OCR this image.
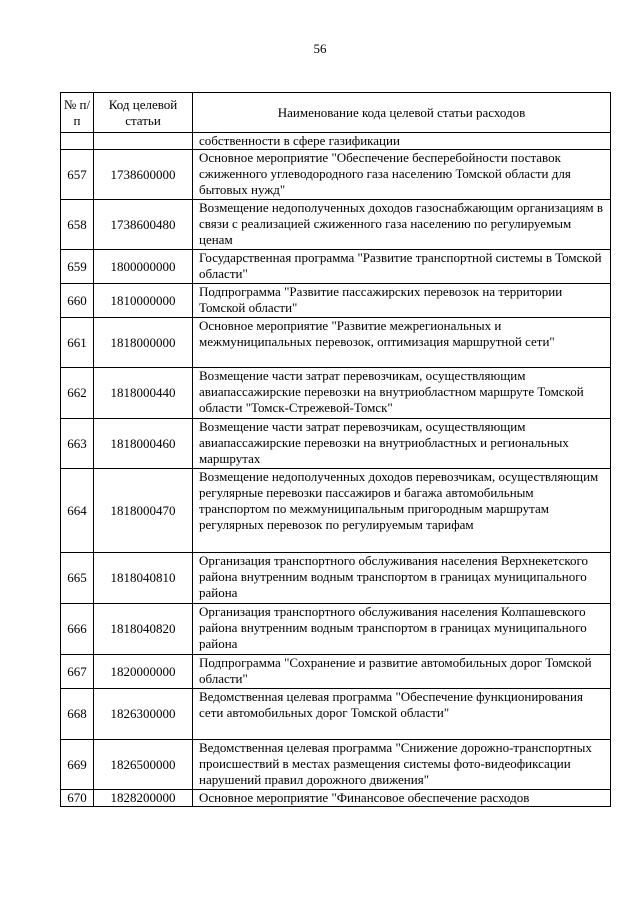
56
№ п/п	Код целевой статьи	Наименование кода целевой статьи расходов
		собственности в сфере газификации
657	1738600000	Основное мероприятие "Обеспечение бесперебойности поставок сжиженного углеводородного газа населению Томской области для бытовых нужд"
658	1738600480	Возмещение недополученных доходов газоснабжающим организациям в связи с реализацией сжиженного газа населению по регулируемым ценам
659	1800000000	Государственная программа "Развитие транспортной системы в Томской области"
660	1810000000	Подпрограмма "Развитие пассажирских перевозок на территории Томской области"
661	1818000000	Основное мероприятие "Развитие межрегиональных и межмуниципальных перевозок, оптимизация маршрутной сети"
662	1818000440	Возмещение части затрат перевозчикам, осуществляющим авиапассажирские перевозки на внутриобластном маршруте Томской области "Томск-Стрежевой-Томск"
663	1818000460	Возмещение части затрат перевозчикам, осуществляющим авиапассажирские перевозки на внутриобластных и региональных маршрутах
664	1818000470	Возмещение недополученных доходов перевозчикам, осуществляющим регулярные перевозки пассажиров и багажа автомобильным транспортом по межмуниципальным пригородным маршрутам регулярных перевозок по регулируемым тарифам
665	1818040810	Организация транспортного обслуживания населения Верхнекетского района внутренним водным транспортом в границах муниципального района
666	1818040820	Организация транспортного обслуживания населения Колпашевского района внутренним водным транспортом в границах муниципального района
667	1820000000	Подпрограмма "Сохранение и развитие автомобильных дорог Томской области"
668	1826300000	Ведомственная целевая программа "Обеспечение функционирования сети автомобильных дорог Томской области"
669	1826500000	Ведомственная целевая программа "Снижение дорожно-транспортных происшествий в местах размещения системы фото-видеофиксации нарушений правил дорожного движения"
670	1828200000	Основное мероприятие "Финансовое обеспечение расходов
